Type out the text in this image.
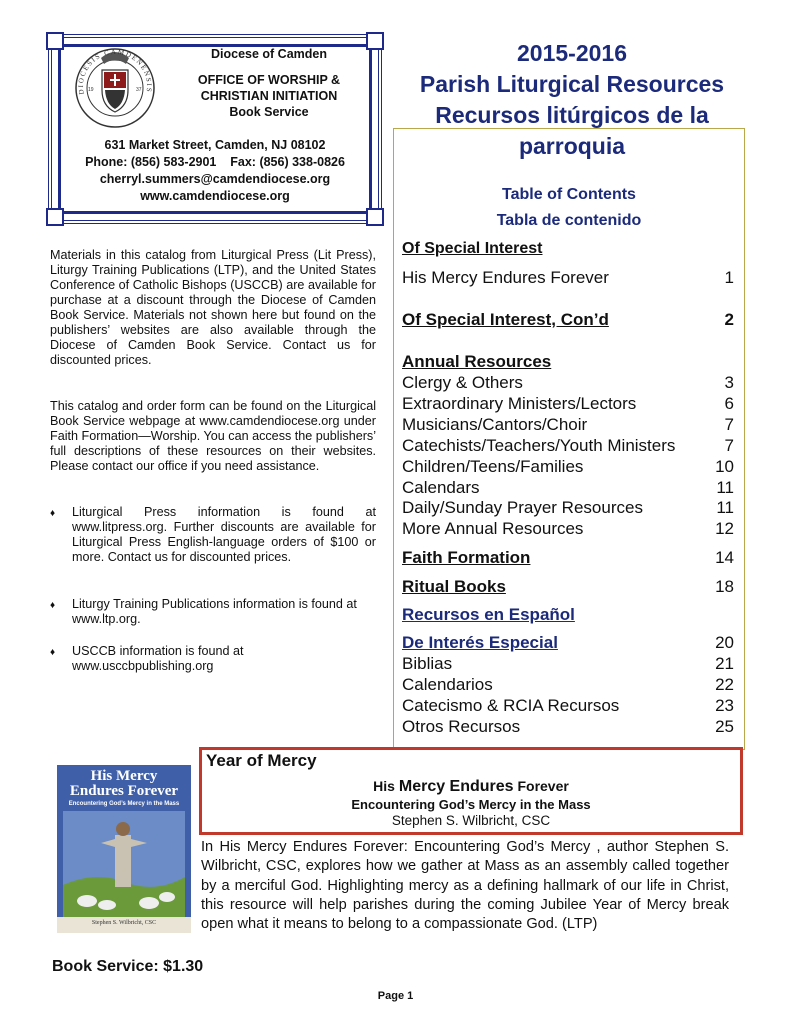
19	37
DIOCESIS CAMDENENSIS
Diocese of Camden
OFFICE OF WORSHIP &
CHRISTIAN INITIATION
Book Service
631 Market Street, Camden, NJ 08102
Phone: (856) 583-2901    Fax: (856) 338-0826
cherryl.summers@camdendiocese.org
www.camdendiocese.org
2015-2016
Parish Liturgical Resources
Recursos litúrgicos de la
parroquia
Table of Contents
Tabla de contenido
Of Special Interest
His Mercy Endures Forever	1
Of Special Interest, Con’d	2
Annual Resources
Clergy & Others	3
Extraordinary Ministers/Lectors	6
Musicians/Cantors/Choir	7
Catechists/Teachers/Youth Ministers	7
Children/Teens/Families	10
Calendars	11
Daily/Sunday Prayer Resources	11
More Annual Resources	12
Faith Formation	14
Ritual Books	18
Recursos en Español
De Interés Especial	20
Biblias	21
Calendarios	22
Catecismo & RCIA Recursos	23
Otros Recursos	25
Materials in this catalog from Liturgical Press (Lit Press), Liturgy Training Publications (LTP), and the United States Conference of Catholic Bishops (USCCB) are available for purchase at a discount through the Diocese of Camden Book Service. Materials not shown here but found on the publishers’ websites are also available through the Diocese of Camden Book Service. Contact us for discounted prices.
This catalog and order form can be found on the Liturgical Book Service webpage at www.camdendiocese.org under Faith Formation—Worship. You can access the publishers’ full descriptions of these resources on their websites. Please contact our office if you need assistance.
♦	Liturgical Press information is found at www.litpress.org. Further discounts are available for Liturgical Press English-language orders of $100 or more. Contact us for discounted prices.
♦	Liturgy Training Publications information is found at www.ltp.org.
♦	USCCB information is found at www.usccbpublishing.org
Year of Mercy
His Mercy Endures Forever
Encountering God’s Mercy in the Mass
Stephen S. Wilbricht, CSC
His Mercy
Endures Forever
Encountering God’s Mercy in the Mass
Stephen S. Wilbricht, CSC
In His Mercy Endures Forever: Encountering God’s Mercy , author Stephen S. Wilbricht, CSC, explores how we gather at Mass as an assembly called together by a merciful God. Highlighting mercy as a defining hallmark of our life in Christ, this resource will help parishes during the coming Jubilee Year of Mercy break open what it means to belong to a compassionate God. (LTP)
Book Service: $1.30
Page 1
